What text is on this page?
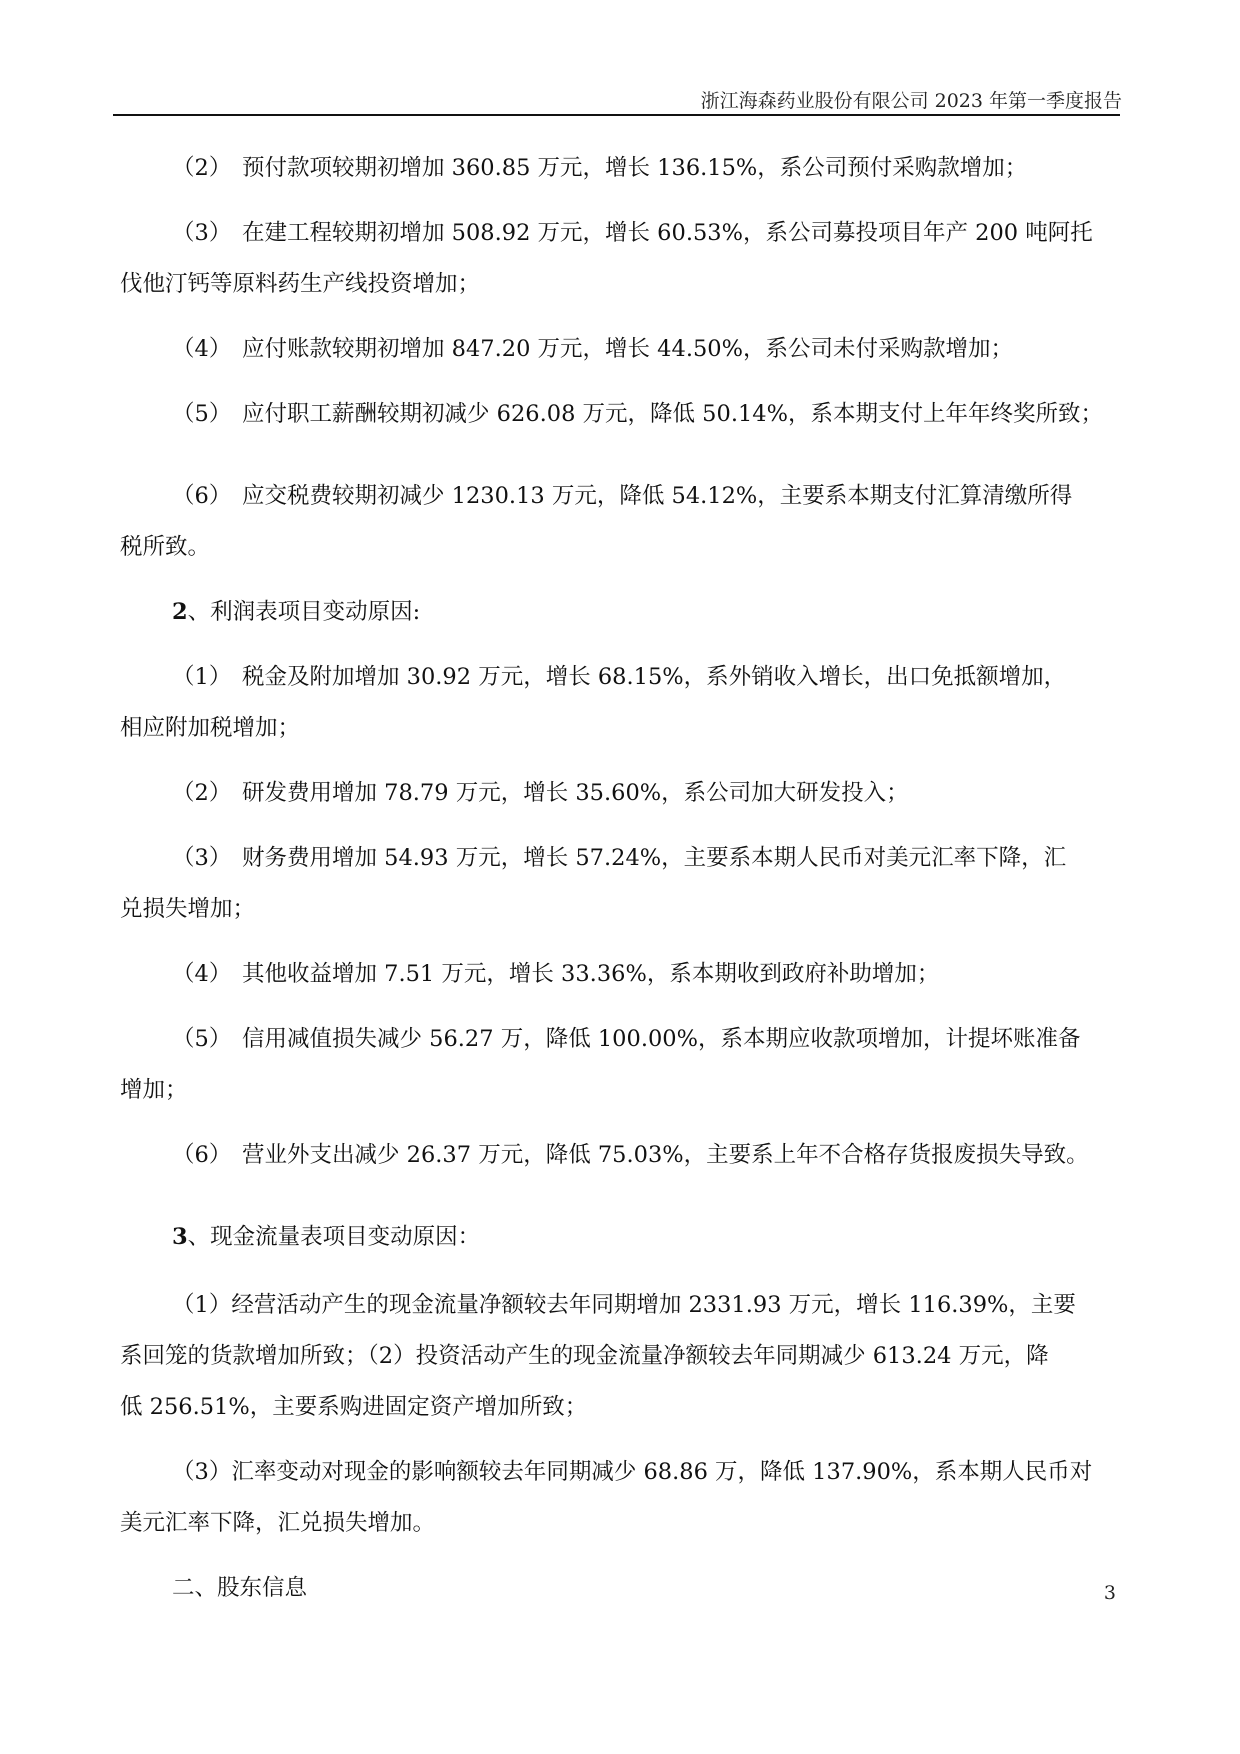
浙江海森药业股份有限公司 2023 年第一季度报告
（2） 预付款项较期初增加 360.85 万元，增长 136.15%，系公司预付采购款增加；
（3） 在建工程较期初增加 508.92 万元，增长 60.53%，系公司募投项目年产 200 吨阿托
伐他汀钙等原料药生产线投资增加；
（4） 应付账款较期初增加 847.20 万元，增长 44.50%，系公司未付采购款增加；
（5） 应付职工薪酬较期初减少 626.08 万元，降低 50.14%，系本期支付上年年终奖所致；
（6） 应交税费较期初减少 1230.13 万元，降低 54.12%，主要系本期支付汇算清缴所得
税所致。
2、利润表项目变动原因:
（1） 税金及附加增加 30.92 万元，增长 68.15%，系外销收入增长，出口免抵额增加，
相应附加税增加；
（2） 研发费用增加 78.79 万元，增长 35.60%，系公司加大研发投入；
（3） 财务费用增加 54.93 万元，增长 57.24%，主要系本期人民币对美元汇率下降，汇
兑损失增加；
（4） 其他收益增加 7.51 万元，增长 33.36%，系本期收到政府补助增加；
（5） 信用减值损失减少 56.27 万，降低 100.00%，系本期应收款项增加，计提坏账准备
增加；
（6） 营业外支出减少 26.37 万元，降低 75.03%，主要系上年不合格存货报废损失导致。
3、现金流量表项目变动原因：
（1）经营活动产生的现金流量净额较去年同期增加 2331.93 万元，增长 116.39%，主要
系回笼的货款增加所致；（2）投资活动产生的现金流量净额较去年同期减少 613.24 万元，降
低 256.51%，主要系购进固定资产增加所致；
（3）汇率变动对现金的影响额较去年同期减少 68.86 万，降低 137.90%，系本期人民币对
美元汇率下降，汇兑损失增加。
二、股东信息	3
